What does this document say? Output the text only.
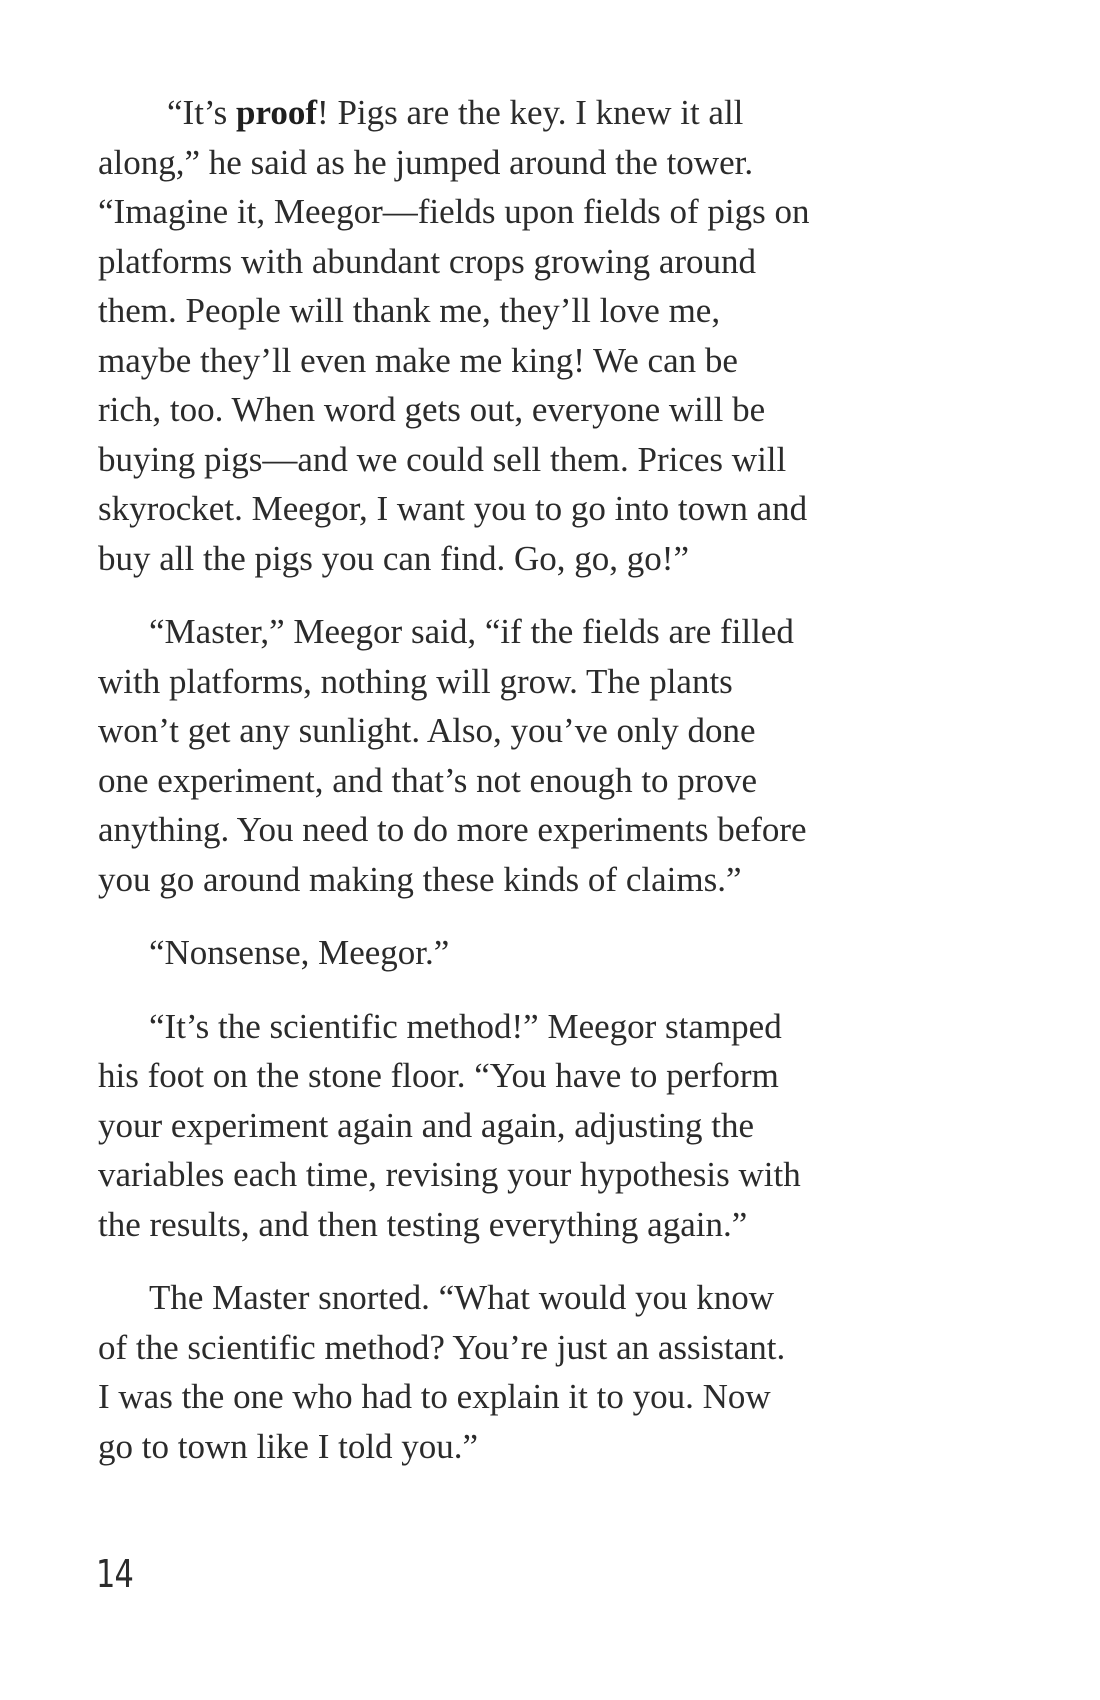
“It’s proof! Pigs are the key. I knew it all
along,” he said as he jumped around the tower.
“Imagine it, Meegor—fields upon fields of pigs on
platforms with abundant crops growing around
them. People will thank me, they’ll love me,
maybe they’ll even make me king! We can be
rich, too. When word gets out, everyone will be
buying pigs—and we could sell them. Prices will
skyrocket. Meegor, I want you to go into town and
buy all the pigs you can find. Go, go, go!”

“Master,” Meegor said, “if the fields are filled
with platforms, nothing will grow. The plants
won’t get any sunlight. Also, you’ve only done
one experiment, and that’s not enough to prove
anything. You need to do more experiments before
you go around making these kinds of claims.”

“Nonsense, Meegor.”

“It’s the scientific method!” Meegor stamped
his foot on the stone floor. “You have to perform
your experiment again and again, adjusting the
variables each time, revising your hypothesis with
the results, and then testing everything again.”

The Master snorted. “What would you know
of the scientific method? You’re just an assistant.
I was the one who had to explain it to you. Now
go to town like I told you.”

14
